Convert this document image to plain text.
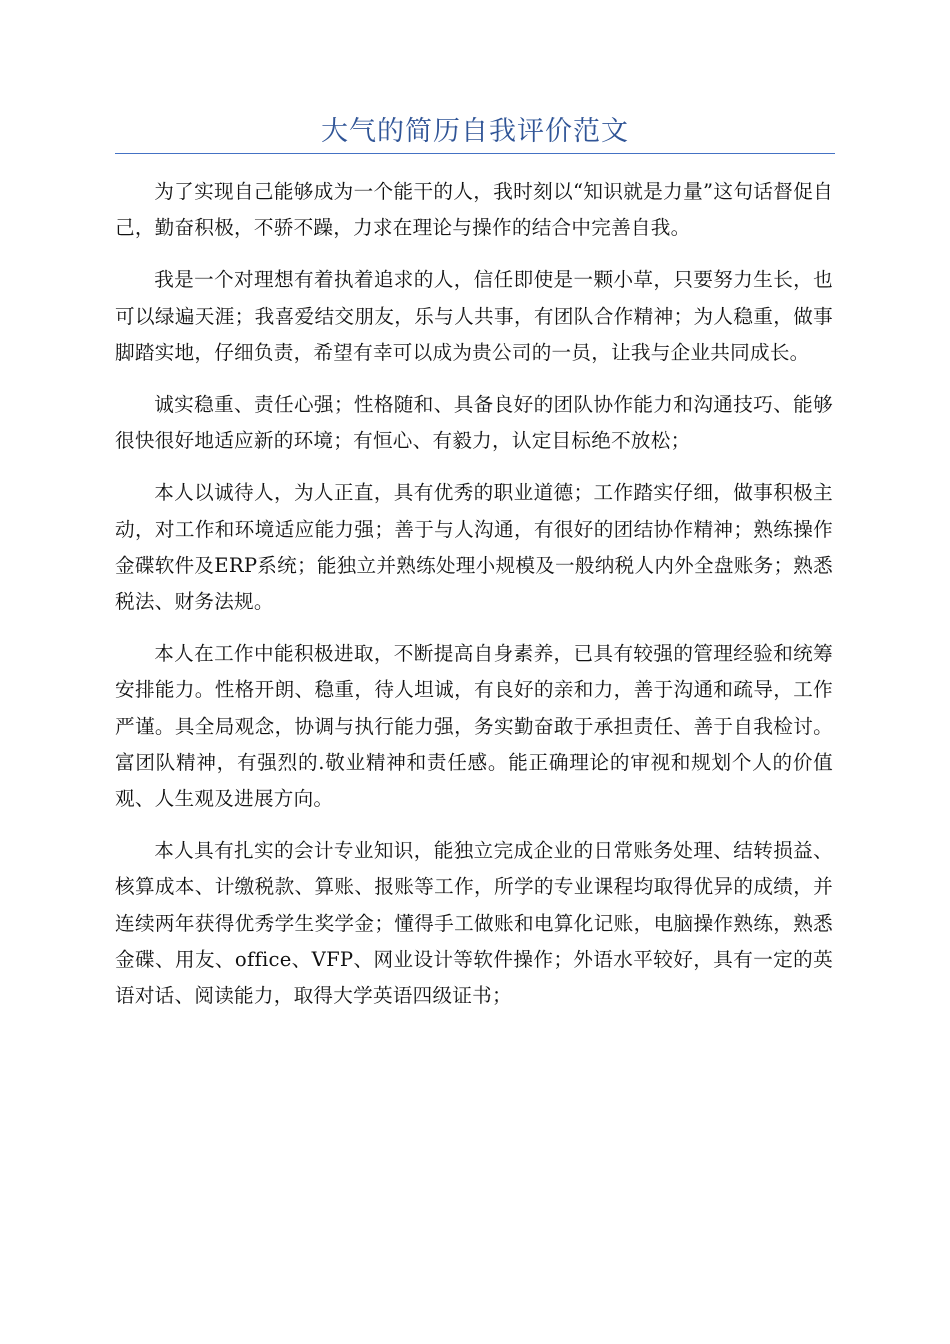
大气的简历自我评价范文

为了实现自己能够成为一个能干的人，我时刻以“知识就是力量”这句话督促自己，勤奋积极，不骄不躁，力求在理论与操作的结合中完善自我。

我是一个对理想有着执着追求的人，信任即使是一颗小草，只要努力生长，也可以绿遍天涯；我喜爱结交朋友，乐与人共事，有团队合作精神；为人稳重，做事脚踏实地，仔细负责，希望有幸可以成为贵公司的一员，让我与企业共同成长。

诚实稳重、责任心强；性格随和、具备良好的团队协作能力和沟通技巧、能够很快很好地适应新的环境；有恒心、有毅力，认定目标绝不放松；

本人以诚待人，为人正直，具有优秀的职业道德；工作踏实仔细，做事积极主动，对工作和环境适应能力强；善于与人沟通，有很好的团结协作精神；熟练操作金碟软件及ERP系统；能独立并熟练处理小规模及一般纳税人内外全盘账务；熟悉税法、财务法规。

本人在工作中能积极进取，不断提高自身素养，已具有较强的管理经验和统筹安排能力。性格开朗、稳重，待人坦诚，有良好的亲和力，善于沟通和疏导，工作严谨。具全局观念，协调与执行能力强，务实勤奋敢于承担责任、善于自我检讨。富团队精神，有强烈的.敬业精神和责任感。能正确理论的审视和规划个人的价值观、人生观及进展方向。

本人具有扎实的会计专业知识，能独立完成企业的日常账务处理、结转损益、核算成本、计缴税款、算账、报账等工作，所学的专业课程均取得优异的成绩，并连续两年获得优秀学生奖学金；懂得手工做账和电算化记账，电脑操作熟练，熟悉金碟、用友、office、VFP、网业设计等软件操作；外语水平较好，具有一定的英语对话、阅读能力，取得大学英语四级证书；
